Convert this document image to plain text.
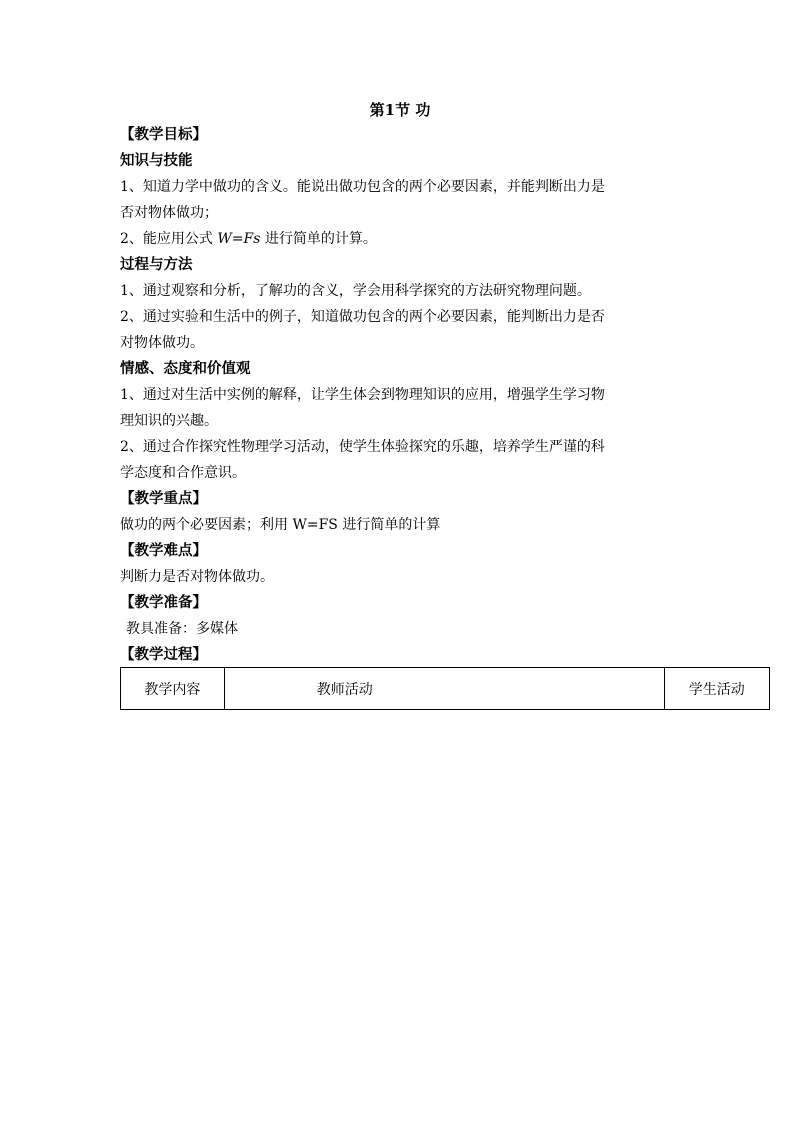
第1节 功
【教学目标】
知识与技能
1、知道力学中做功的含义。能说出做功包含的两个必要因素，并能判断出力是
否对物体做功；
2、能应用公式 W=Fs 进行简单的计算。
过程与方法
1、通过观察和分析，了解功的含义，学会用科学探究的方法研究物理问题。
2、通过实验和生活中的例子，知道做功包含的两个必要因素，能判断出力是否
对物体做功。
情感、态度和价值观
1、通过对生活中实例的解释，让学生体会到物理知识的应用，增强学生学习物
理知识的兴趣。
2、通过合作探究性物理学习活动，使学生体验探究的乐趣，培养学生严谨的科
学态度和合作意识。
【教学重点】
做功的两个必要因素；利用 W=FS 进行简单的计算
【教学难点】
判断力是否对物体做功。
【教学准备】
教具准备：多媒体
【教学过程】
教学内容	教师活动	学生活动
